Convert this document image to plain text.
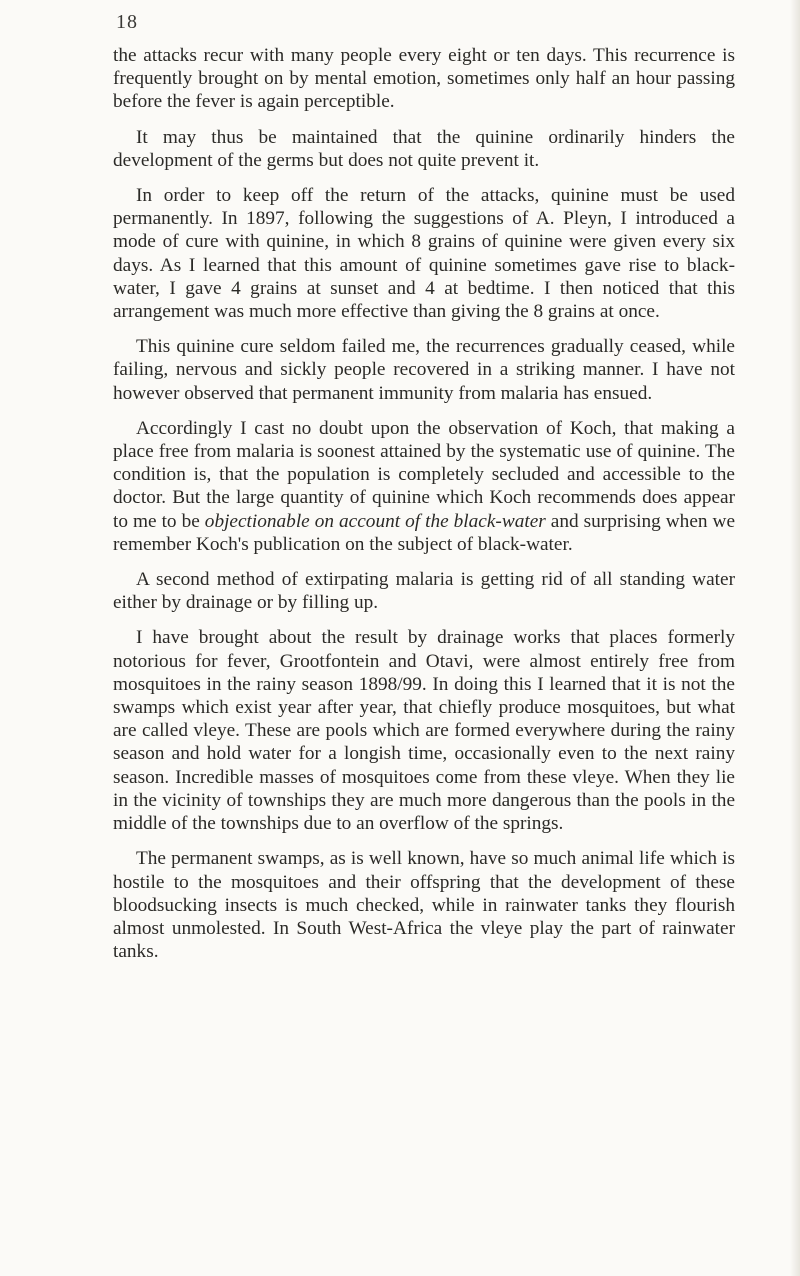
18

the attacks recur with many people every eight or ten days. This recurrence is frequently brought on by mental emotion, sometimes only half an hour passing before the fever is again perceptible.

It may thus be maintained that the quinine ordinarily hinders the development of the germs but does not quite prevent it.

In order to keep off the return of the attacks, quinine must be used permanently. In 1897, following the suggestions of A. Pleyn, I introduced a mode of cure with quinine, in which 8 grains of quinine were given every six days. As I learned that this amount of quinine sometimes gave rise to black-water, I gave 4 grains at sunset and 4 at bedtime. I then noticed that this arrangement was much more effective than giving the 8 grains at once.

This quinine cure seldom failed me, the recurrences gradually ceased, while failing, nervous and sickly people recovered in a striking manner. I have not however observed that permanent immunity from malaria has ensued.

Accordingly I cast no doubt upon the observation of Koch, that making a place free from malaria is soonest attained by the systematic use of quinine. The condition is, that the population is completely secluded and accessible to the doctor. But the large quantity of quinine which Koch recommends does appear to me to be objectionable on account of the black-water and surprising when we remember Koch's publication on the subject of black-water.

A second method of extirpating malaria is getting rid of all standing water either by drainage or by filling up.

I have brought about the result by drainage works that places formerly notorious for fever, Grootfontein and Otavi, were almost entirely free from mosquitoes in the rainy season 1898/99. In doing this I learned that it is not the swamps which exist year after year, that chiefly produce mosquitoes, but what are called vleye. These are pools which are formed everywhere during the rainy season and hold water for a longish time, occasionally even to the next rainy season. Incredible masses of mosquitoes come from these vleye. When they lie in the vicinity of townships they are much more dangerous than the pools in the middle of the townships due to an overflow of the springs.

The permanent swamps, as is well known, have so much animal life which is hostile to the mosquitoes and their offspring that the development of these bloodsucking insects is much checked, while in rainwater tanks they flourish almost unmolested. In South West-Africa the vleye play the part of rainwater tanks.
